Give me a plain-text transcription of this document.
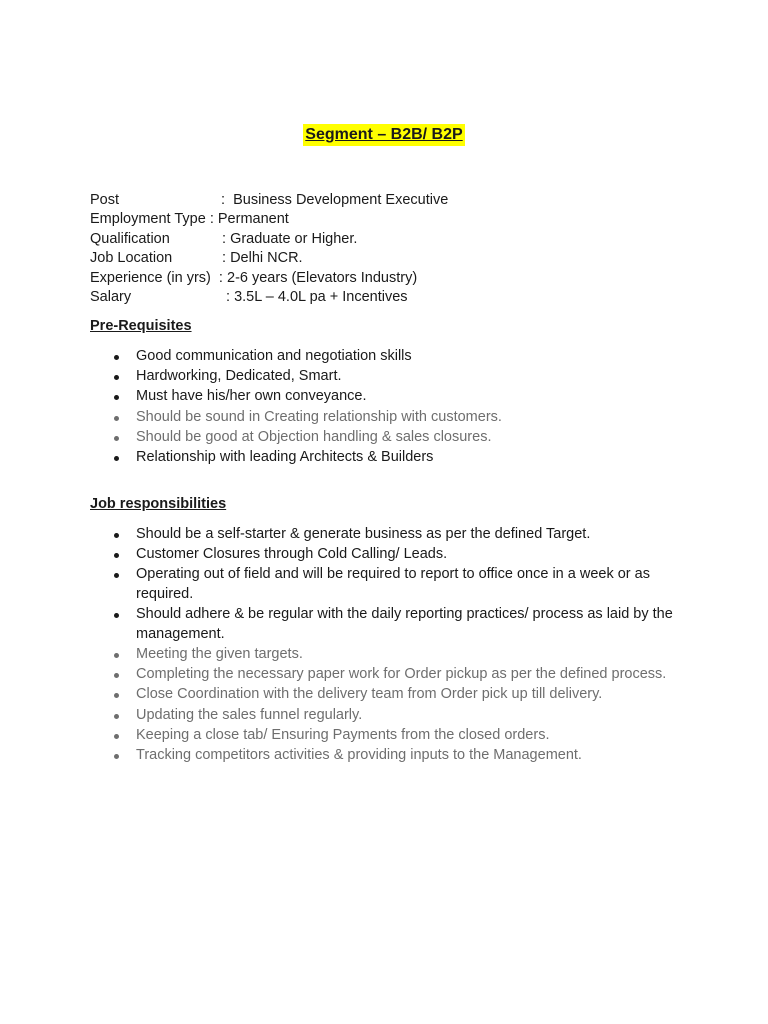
Segment – B2B/ B2P
Post	: Business Development Executive
Employment Type : Permanent
Qualification	: Graduate or Higher.
Job Location	: Delhi NCR.
Experience (in yrs) : 2-6 years (Elevators Industry)
Salary	: 3.5L – 4.0L pa + Incentives
Pre-Requisites
Good communication and negotiation skills
Hardworking, Dedicated, Smart.
Must have his/her own conveyance.
Should be sound in Creating relationship with customers.
Should be good at Objection handling & sales closures.
Relationship with leading Architects & Builders
Job responsibilities
Should be a self-starter & generate business as per the defined Target.
Customer Closures through Cold Calling/ Leads.
Operating out of field and will be required to report to office once in a week or as required.
Should adhere & be regular with the daily reporting practices/ process as laid by the management.
Meeting the given targets.
Completing the necessary paper work for Order pickup as per the defined process.
Close Coordination with the delivery team from Order pick up till delivery.
Updating the sales funnel regularly.
Keeping a close tab/ Ensuring Payments from the closed orders.
Tracking competitors activities & providing inputs to the Management.
